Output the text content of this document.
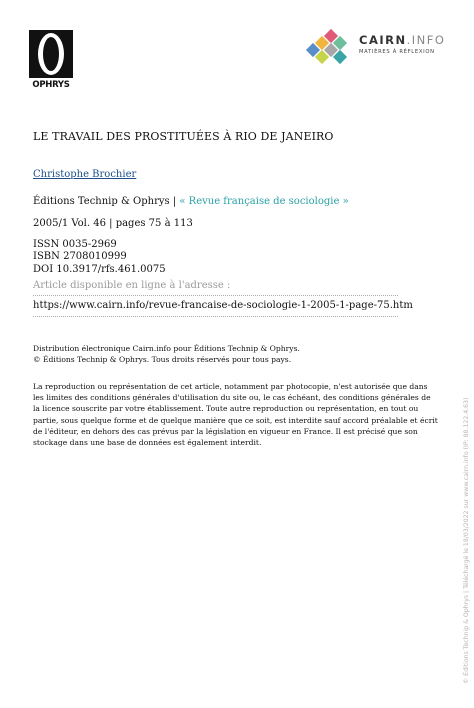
OPHRYS
CAIRN.INFO
MATIÈRES À RÉFLEXION
LE TRAVAIL DES PROSTITUÉES À RIO DE JANEIRO
Christophe Brochier
Éditions Technip & Ophrys | « Revue française de sociologie »
2005/1 Vol. 46 | pages 75 à 113
ISSN 0035-2969
ISBN 2708010999
DOI 10.3917/rfs.461.0075
Article disponible en ligne à l'adresse :
https://www.cairn.info/revue-francaise-de-sociologie-1-2005-1-page-75.htm
Distribution électronique Cairn.info pour Éditions Technip & Ophrys.
© Éditions Technip & Ophrys. Tous droits réservés pour tous pays.
La reproduction ou représentation de cet article, notamment par photocopie, n'est autorisée que dans les limites des conditions générales d'utilisation du site ou, le cas échéant, des conditions générales de la licence souscrite par votre établissement. Toute autre reproduction ou représentation, en tout ou partie, sous quelque forme et de quelque manière que ce soit, est interdite sauf accord préalable et écrit de l'éditeur, en dehors des cas prévus par la législation en vigueur en France. Il est précisé que son stockage dans une base de données est également interdit.	© Éditions Technip & Ophrys | Téléchargé le 18/03/2022 sur www.cairn.info (IP: 88.122.4.63)
